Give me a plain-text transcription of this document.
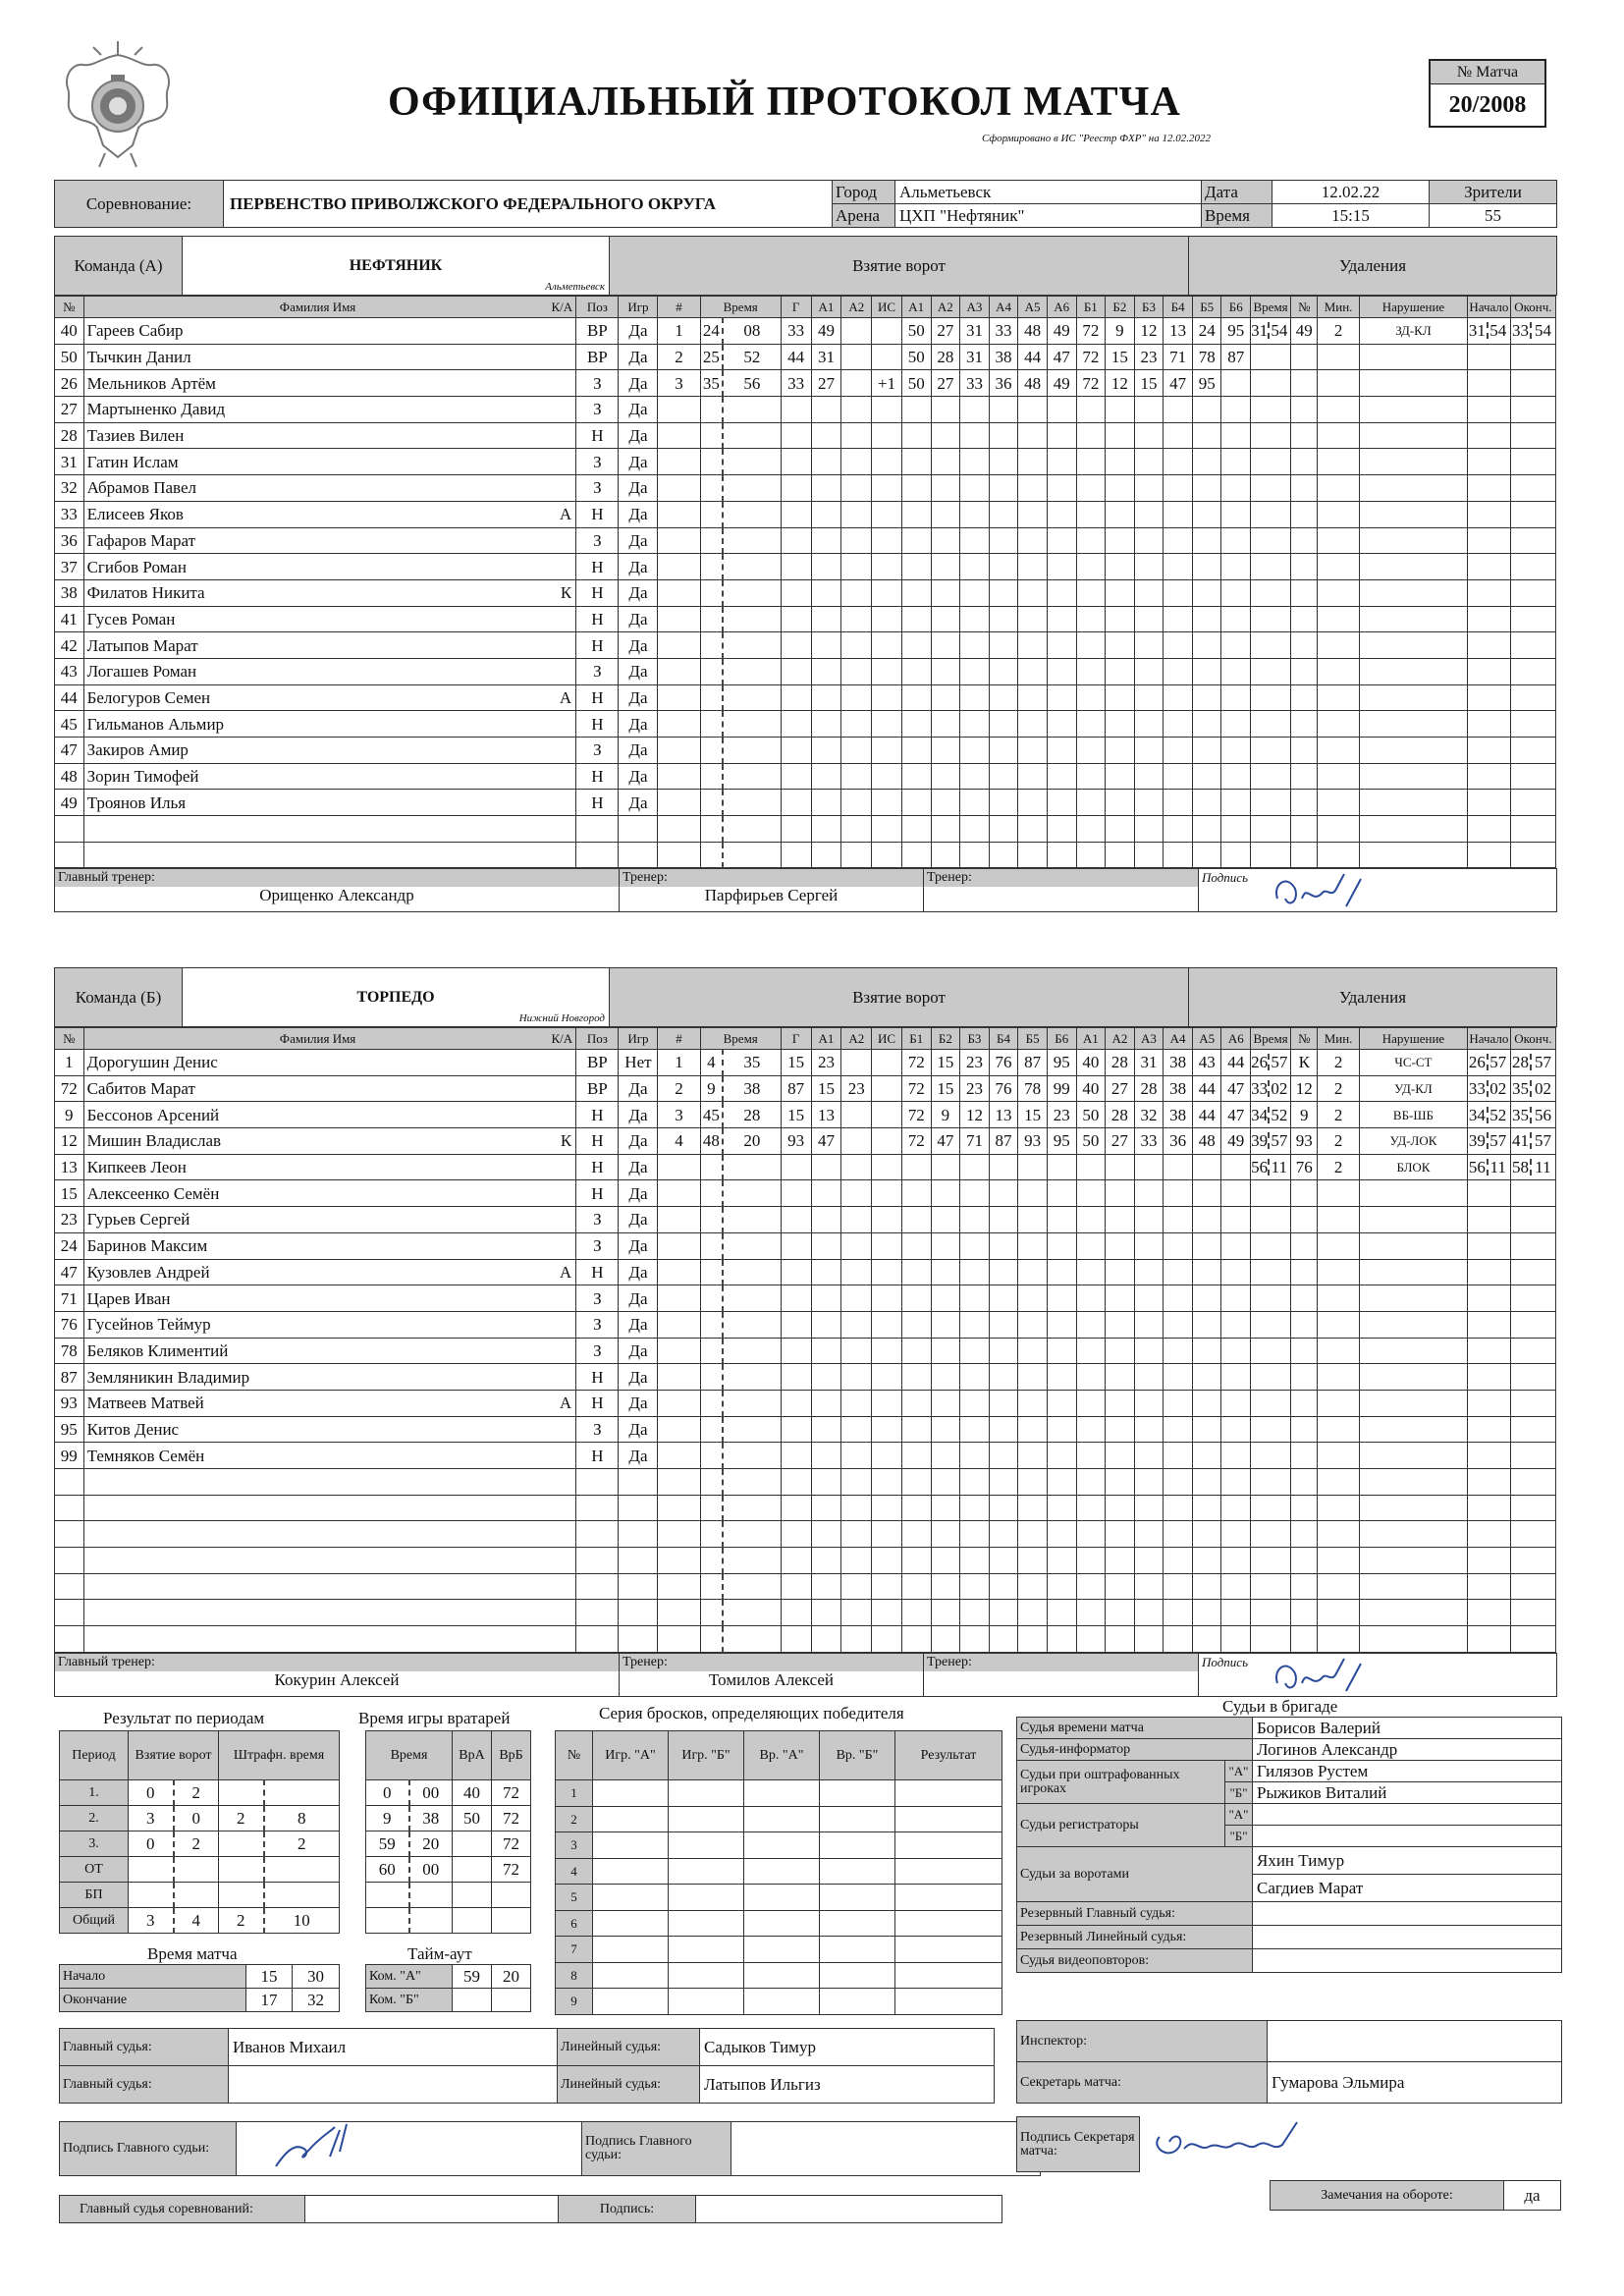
ОФИЦИАЛЬНЫЙ ПРОТОКОЛ МАТЧА
Сформировано в ИС "Реестр ФХР" на 12.02.2022
№ Матча
20/2008
Соревнование:	ПЕРВЕНСТВО ПРИВОЛЖСКОГО ФЕДЕРАЛЬНОГО ОКРУГА	Город	Альметьевск	Дата	12.02.22	Зрители
		Арена	ЦХП "Нефтяник"	Время	15:15	55
Команда (А)	НЕФТЯНИК
Альметьевск
	Взятие ворот	Удаления
№	Фамилия Имя К/А	Поз	Игр	#	Время		Г	А1	А2	ИС	А1	А2	А3	А4	А5	А6	Б1	Б2	Б3	Б4	Б5	Б6	Время	№	Мин.	Нарушение	Начало	Оконч.
40	Гареев Сабир	ВР	Да	1	24	08	33	49			50	27	31	33	48	49	72	9	12	13	24	95	31 54	49	2	ЗД-КЛ	31 54	33 54
50	Тычкин Данил	ВР	Да	2	25	52	44	31			50	28	31	38	44	47	72	15	23	71	78	87	

26	Мельников Артём	З	Да	3	35	56	33	27		+1	50	27	33	36	48	49	72	12	15	47	95		

27	Мартыненко Давид	З	Да																				

28	Тазиев Вилен	Н	Да																				

31	Гатин Ислам	З	Да																				

32	Абрамов Павел	З	Да																				

33	Елисеев Яков А	Н	Да																				

36	Гафаров Марат	З	Да																				

37	Сгибов Роман	Н	Да																				

38	Филатов Никита К	Н	Да																				

41	Гусев Роман	Н	Да																				

42	Латыпов Марат	Н	Да																				

43	Логашев Роман	З	Да																				

44	Белогуров Семен А	Н	Да																				

45	Гильманов Альмир	Н	Да																				

47	Закиров Амир	З	Да																				

48	Зорин Тимофей	Н	Да																				

49	Троянов Илья	Н	Да																				

Главный тренер:
Орищенко Александр

Тренер:
Парфирьев Сергей

Тренер:	Подпись
Команда (Б)	ТОРПЕДО
Нижний Новгород
	Взятие ворот	Удаления
№	Фамилия Имя К/А	Поз	Игр	#	Время		Г	А1	А2	ИС	Б1	Б2	Б3	Б4	Б5	Б6	А1	А2	А3	А4	А5	А6	Время	№	Мин.	Нарушение	Начало	Оконч.
1	Дорогушин Денис	ВР	Нет	1	4	35	15	23			72	15	23	76	87	95	40	28	31	38	43	44	26 57	К	2	ЧС-СТ	26 57	28 57
72	Сабитов Марат	ВР	Да	2	9	38	87	15	23		72	15	23	76	78	99	40	27	28	38	44	47	33 02	12	2	УД-КЛ	33 02	35 02
9	Бессонов Арсений	Н	Да	3	45	28	15	13			72	9	12	13	15	23	50	28	32	38	44	47	34 52	9	2	ВБ-ШБ	34 52	35 56
12	Мишин Владислав К	Н	Да	4	48	20	93	47			72	47	71	87	93	95	50	27	33	36	48	49	39 57	93	2	УД-ЛОК	39 57	41 57
13	Кипкеев Леон	Н	Да																				56 11	76	2	БЛОК	56 11	58 11
15	Алексеенко Семён	Н	Да																				

23	Гурьев Сергей	З	Да																				

24	Баринов Максим	З	Да																				

47	Кузовлев Андрей А	Н	Да																				

71	Царев Иван	З	Да																				

76	Гусейнов Теймур	З	Да																				

78	Беляков Климентий	З	Да																				

87	Земляникин Владимир	Н	Да																				

93	Матвеев Матвей А	Н	Да																				

95	Китов Денис	З	Да																				

99	Темняков Семён	Н	Да																				

Главный тренер:
Кокурин Алексей

Тренер:
Томилов Алексей

Тренер:	Подпись
Результат по периодам
Период	Взятие ворот		Штрафн. время	
1.	0	2		
2.	3	0	2	8
3.	0	2		2
ОТ				
БП				
Общий	3	4	2	10
Время игры вратарей
Время		ВрА	ВрБ
0	00	40	72
9	38	50	72
59	20		72
60	00		72

Время матча
Начало	15	30
Окончание	17	32
Тайм-аут
Ком. "А"	59	20
Ком. "Б"		
Серия бросков, определяющих победителя
№	Игр. "А"	Игр. "Б"	Вр. "А"	Вр. "Б"	Результат
1					
2					
3					
4					
5					
6					
7					
8					
9					
Судьи в бригаде
Судья времени матча		Борисов Валерий
Судья-информатор		Логинов Александр
Судьи при оштрафованных игроках	"А"	Гилязов Рустем
	"Б"	Рыжиков Виталий
Судьи регистраторы	"А"	
	"Б"	
Судьи за воротами		Яхин Тимур
		Сагдиев Марат
Резервный Главный судья:		
Резервный Линейный судья:		
Судья видеоповторов:		
Главный судья:	Иванов Михаил	Линейный судья:	Садыков Тимур	
Главный судья:		Линейный судья:	Латыпов Ильгиз	
Подпись Главного судьи:		Подпись Главного судьи:	
Главный судья соревнований:		Подпись:	
Инспектор:	
Секретарь матча:	Гумарова Эльмира
Подпись Секретаря матча:	
Замечания на обороте:	да
